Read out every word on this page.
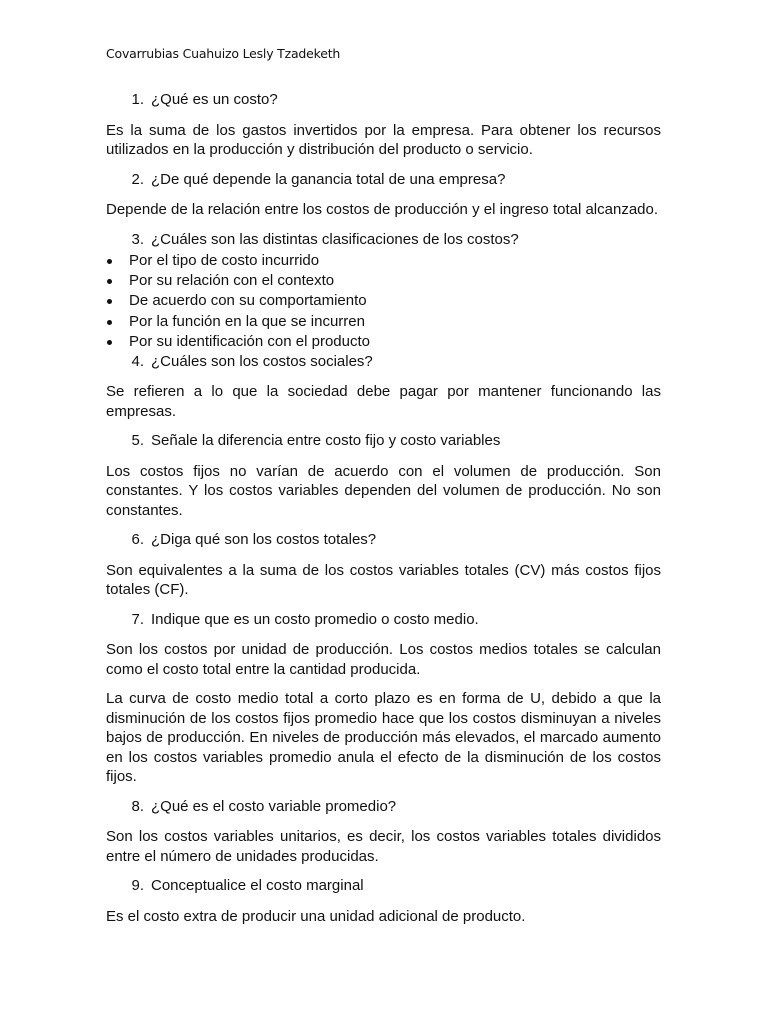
Covarrubias Cuahuizo Lesly Tzadeketh
1. ¿Qué es un costo?

Es la suma de los gastos invertidos por la empresa. Para obtener los recursos utilizados en la producción y distribución del producto o servicio.

2. ¿De qué depende la ganancia total de una empresa?

Depende de la relación entre los costos de producción y el ingreso total alcanzado.

3. ¿Cuáles son las distintas clasificaciones de los costos?
Por el tipo de costo incurrido
Por su relación con el contexto
De acuerdo con su comportamiento
Por la función en la que se incurren
Por su identificación con el producto
4. ¿Cuáles son los costos sociales?

Se refieren a lo que la sociedad debe pagar por mantener funcionando las empresas.

5. Señale la diferencia entre costo fijo y costo variables

Los costos fijos no varían de acuerdo con el volumen de producción. Son constantes. Y los costos variables dependen del volumen de producción. No son constantes.

6. ¿Diga qué son los costos totales?

Son equivalentes a la suma de los costos variables totales (CV) más costos fijos totales (CF).

7. Indique que es un costo promedio o costo medio.

Son los costos por unidad de producción. Los costos medios totales se calculan como el costo total entre la cantidad producida.

La curva de costo medio total a corto plazo es en forma de U, debido a que la disminución de los costos fijos promedio hace que los costos disminuyan a niveles bajos de producción. En niveles de producción más elevados, el marcado aumento en los costos variables promedio anula el efecto de la disminución de los costos fijos.

8. ¿Qué es el costo variable promedio?

Son los costos variables unitarios, es decir, los costos variables totales divididos entre el número de unidades producidas.

9. Conceptualice el costo marginal

Es el costo extra de producir una unidad adicional de producto.
